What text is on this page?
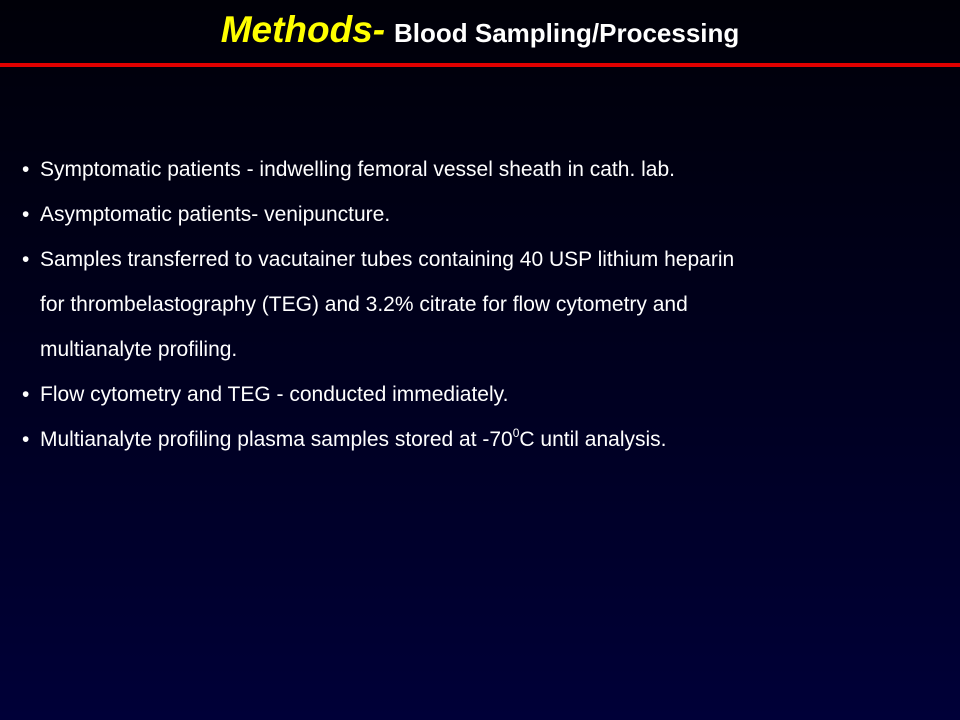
Methods- Blood Sampling/Processing
• Symptomatic patients - indwelling femoral vessel sheath in cath. lab.
• Asymptomatic patients- venipuncture.
• Samples transferred to vacutainer tubes containing 40 USP lithium heparin
for thrombelastography (TEG) and 3.2% citrate for flow cytometry and
multianalyte profiling.
• Flow cytometry and TEG - conducted immediately.
• Multianalyte profiling plasma samples stored at $-70^0C$ until analysis.
